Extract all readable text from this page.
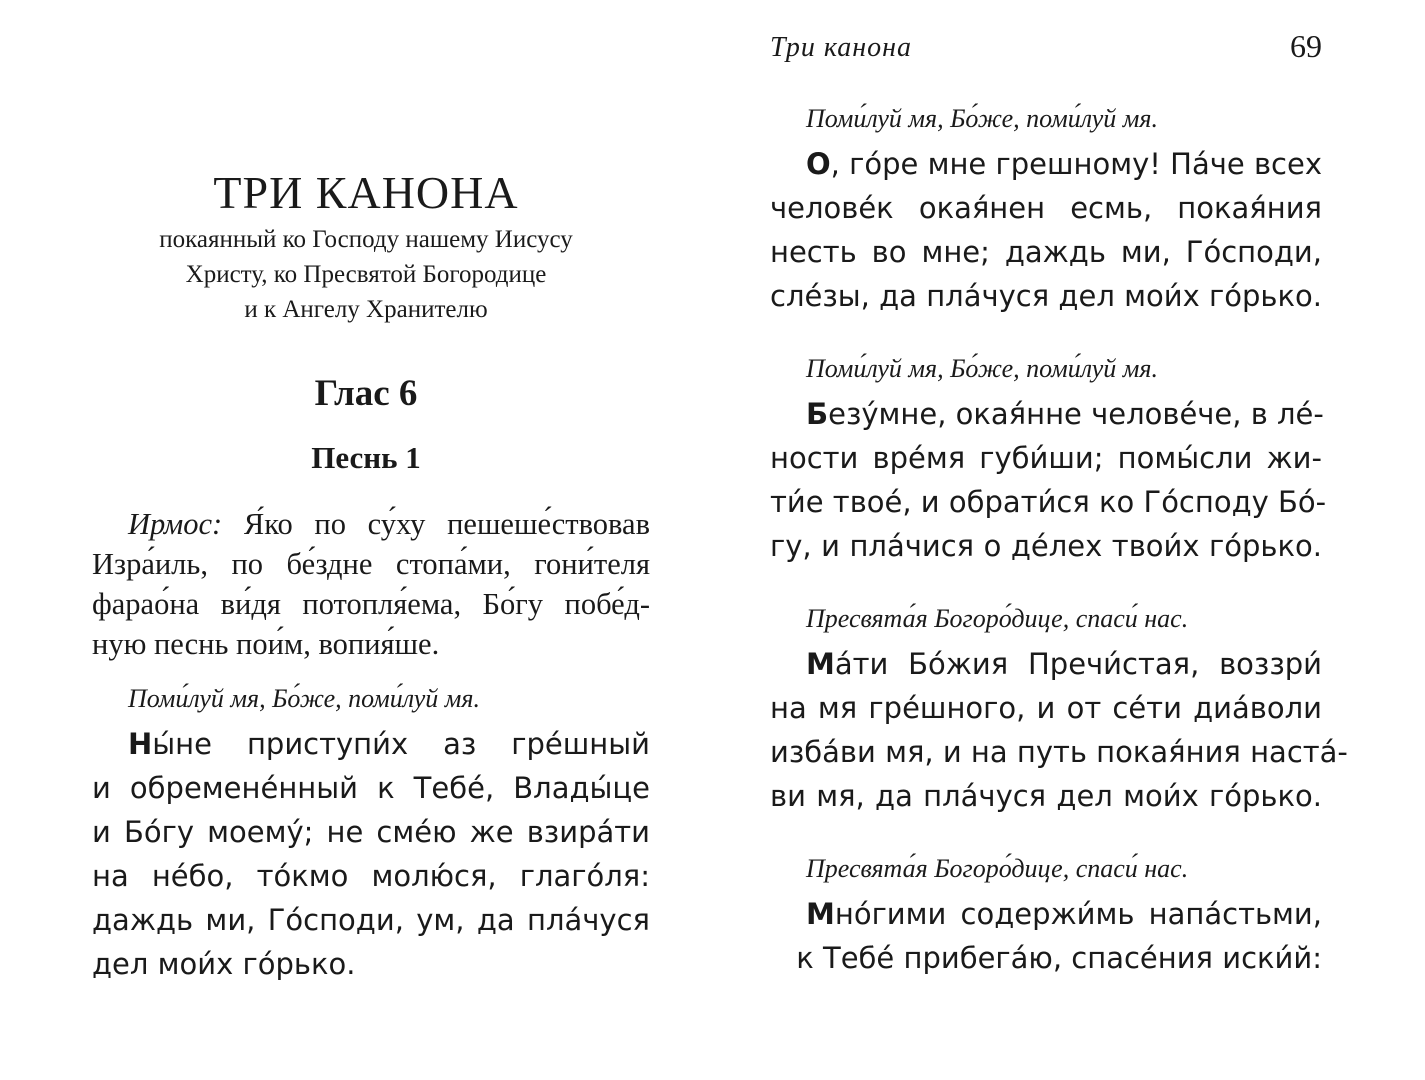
ТРИ КАНОНА
покаянный ко Господу нашему Иисусу
Христу, ко Пресвятой Богородице
и к Ангелу Хранителю
Глас 6
Песнь 1
Ирмос: Я́ко по су́ху пешеше́ствовав
Изра́иль, по бе́здне стопа́ми, гони́теля
фарао́на ви́дя потопля́ема, Бо́гу побе́д-
ную песнь пои́м, вопия́ше.
Поми́луй мя, Бо́же, поми́луй мя.
Ны́не приступи́х аз гре́шный
и обремене́нный к Тебе́, Влады́це
и Бо́гу моему́; не сме́ю же взира́ти
на не́бо, то́кмо молю́ся, глаго́ля:
даждь ми, Го́споди, ум, да пла́чуся
дел мои́х го́рько.
Три канона	69
Поми́луй мя, Бо́же, поми́луй мя.
О, го́ре мне грешному! Па́че всех
челове́к окая́нен есмь, покая́ния
несть во мне; даждь ми, Го́споди,
сле́зы, да пла́чуся дел мои́х го́рько.
Поми́луй мя, Бо́же, поми́луй мя.
Безу́мне, окая́нне челове́че, в ле́-
ности вре́мя губи́ши; помы́сли жи-
ти́е твое́, и обрати́ся ко Го́споду Бо́-
гу, и пла́чися о де́лех твои́х го́рько.
Пресвята́я Богоро́дице, спаси́ нас.
Ма́ти Бо́жия Пречи́стая, воззри́
на мя гре́шного, и от се́ти диа́воли
изба́ви мя, и на путь покая́ния наста́-
ви мя, да пла́чуся дел мои́х го́рько.
Пресвята́я Богоро́дице, спаси́ нас.
Мно́гими содержи́мь напа́стьми,
к Тебе́ прибега́ю, спасе́ния иски́й:
